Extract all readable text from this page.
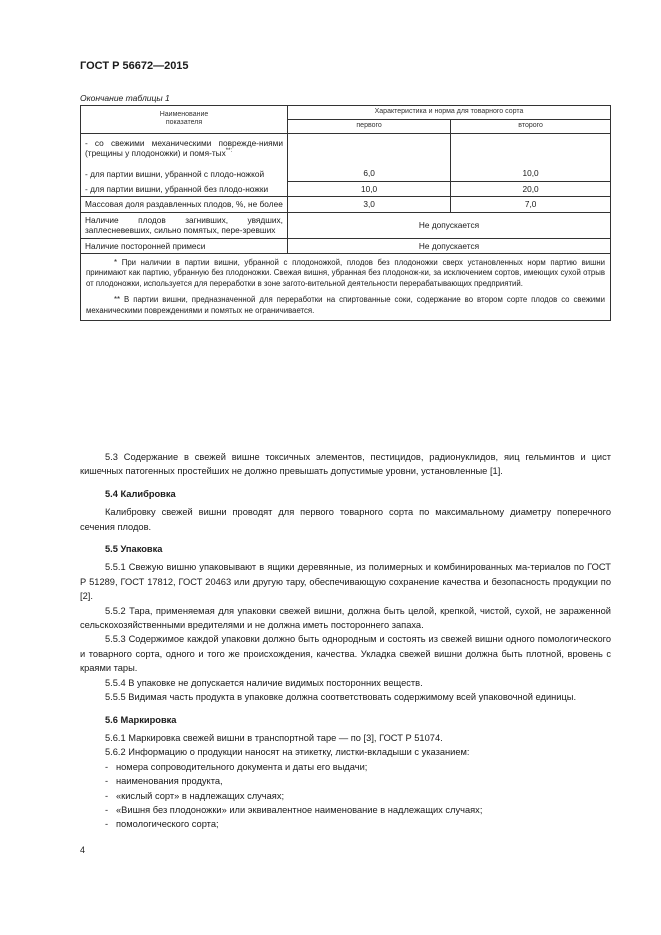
ГОСТ Р 56672—2015
Окончание таблицы 1
Наименование
показателя	Характеристика и норма для товарного сорта	
	первого	второго
- со свежими механическими поврежде-ниями (трещины у плодоножки) и помя-тых**:
- для партии вишни, убранной с плодо-ножкой	6,0	10,0
- для партии вишни, убранной без плодо-ножки	10,0	20,0
Массовая доля раздавленных плодов, %, не более	3,0	7,0
Наличие плодов загнивших, увядших, заплесневевших, сильно помятых, пере-зревших	Не допускается	
Наличие посторонней примеси	Не допускается	

* При наличии в партии вишни, убранной с плодоножкой, плодов без плодоножки сверх установленных норм партию вишни принимают как партию, убранную без плодоножки. Свежая вишня, убранная без плодонож-ки, за исключением сортов, имеющих сухой отрыв от плодоножки, используется для переработки в зоне загото-вительной деятельности перерабатывающих предприятий.

** В партии вишни, предназначенной для переработки на спиртованные соки, содержание во втором сорте плодов со свежими механическими повреждениями и помятых не ограничивается.		

5.3 Содержание в свежей вишне токсичных элементов, пестицидов, радионуклидов, яиц гельминтов и цист кишечных патогенных простейших не должно превышать допустимые уровни, установленные [1].

5.4 Калибровка

Калибровку свежей вишни проводят для первого товарного сорта по максимальному диаметру поперечного сечения плодов.

5.5 Упаковка

5.5.1 Свежую вишню упаковывают в ящики деревянные, из полимерных и комбинированных ма-териалов по ГОСТ Р 51289, ГОСТ 17812, ГОСТ 20463 или другую тару, обеспечивающую сохранение качества и безопасность продукции по [2].

5.5.2 Тара, применяемая для упаковки свежей вишни, должна быть целой, крепкой, чистой, сухой, не зараженной сельскохозяйственными вредителями и не должна иметь постороннего запаха.

5.5.3 Содержимое каждой упаковки должно быть однородным и состоять из свежей вишни одного помологического и товарного сорта, одного и того же происхождения, качества. Укладка свежей вишни должна быть плотной, вровень с краями тары.

5.5.4 В упаковке не допускается наличие видимых посторонних веществ.

5.5.5 Видимая часть продукта в упаковке должна соответствовать содержимому всей упаковочной единицы.

5.6 Маркировка

5.6.1 Маркировка свежей вишни в транспортной таре — по [3], ГОСТ Р 51074.

5.6.2 Информацию о продукции наносят на этикетку, листки-вкладыши с указанием:

- номера сопроводительного документа и даты его выдачи;

- наименования продукта,

- «кислый сорт» в надлежащих случаях;

- «Вишня без плодоножки» или эквивалентное наименование в надлежащих случаях;

- помологического сорта;

4
